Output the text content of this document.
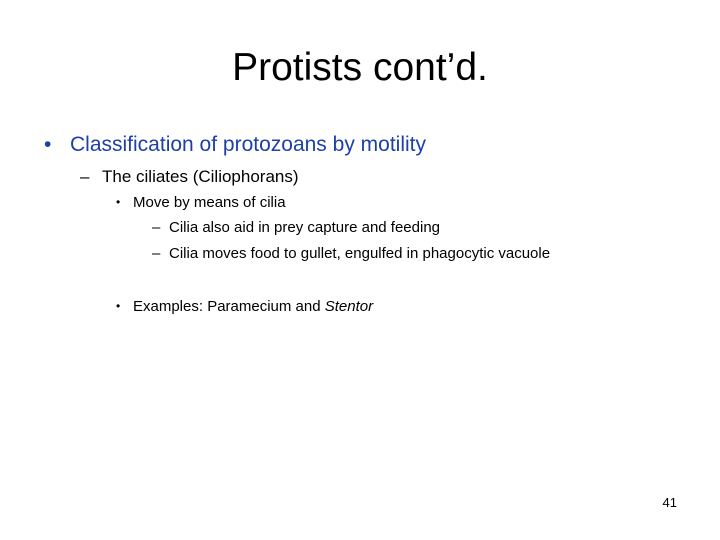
Protists cont’d.
• Classification of protozoans by motility
– The ciliates (Ciliophorans)
• Move by means of cilia
– Cilia also aid in prey capture and feeding
– Cilia moves food to gullet, engulfed in phagocytic vacuole
• Examples: Paramecium and Stentor
41
